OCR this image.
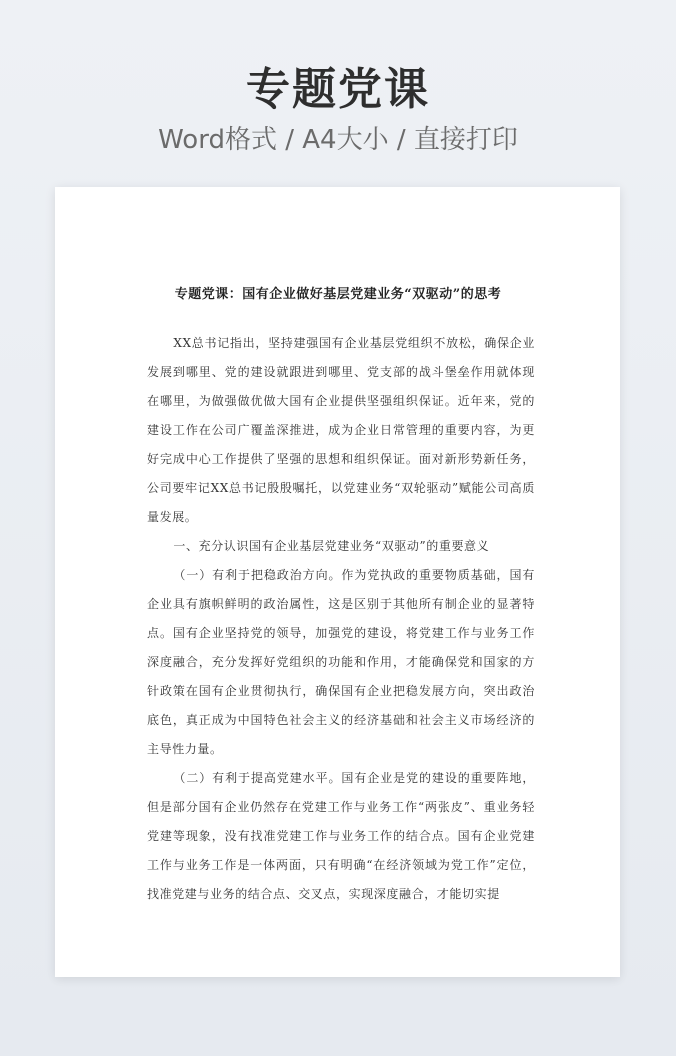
专题党课
Word格式 / A4大小 / 直接打印
专题党课：国有企业做好基层党建业务“双驱动”的思考

XX总书记指出，坚持建强国有企业基层党组织不放松，确保企业发展到哪里、党的建设就跟进到哪里、党支部的战斗堡垒作用就体现在哪里，为做强做优做大国有企业提供坚强组织保证。近年来，党的建设工作在公司广覆盖深推进，成为企业日常管理的重要内容，为更好完成中心工作提供了坚强的思想和组织保证。面对新形势新任务，公司要牢记XX总书记殷殷嘱托，以党建业务“双轮驱动”赋能公司高质量发展。

一、充分认识国有企业基层党建业务“双驱动”的重要意义

（一）有利于把稳政治方向。作为党执政的重要物质基础，国有企业具有旗帜鲜明的政治属性，这是区别于其他所有制企业的显著特点。国有企业坚持党的领导，加强党的建设，将党建工作与业务工作深度融合，充分发挥好党组织的功能和作用，才能确保党和国家的方针政策在国有企业贯彻执行，确保国有企业把稳发展方向，突出政治底色，真正成为中国特色社会主义的经济基础和社会主义市场经济的主导性力量。

（二）有利于提高党建水平。国有企业是党的建设的重要阵地，但是部分国有企业仍然存在党建工作与业务工作“两张皮”、重业务轻党建等现象，没有找准党建工作与业务工作的结合点。国有企业党建工作与业务工作是一体两面，只有明确“在经济领域为党工作”定位，找准党建与业务的结合点、交叉点，实现深度融合，才能切实提
